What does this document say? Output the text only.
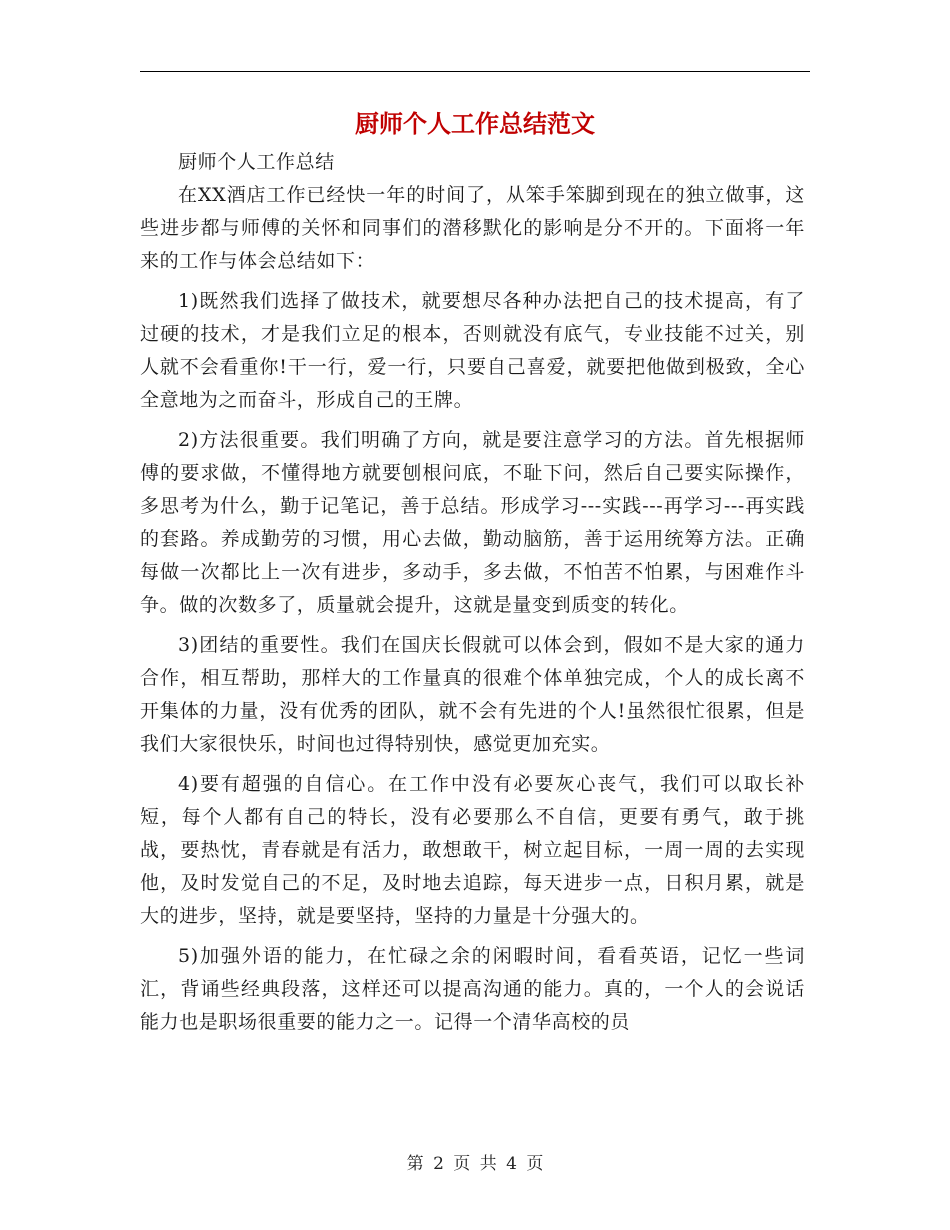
厨师个人工作总结范文

厨师个人工作总结

在XX酒店工作已经快一年的时间了，从笨手笨脚到现在的独立做事，这些进步都与师傅的关怀和同事们的潜移默化的影响是分不开的。下面将一年来的工作与体会总结如下：

1)既然我们选择了做技术，就要想尽各种办法把自己的技术提高，有了过硬的技术，才是我们立足的根本，否则就没有底气，专业技能不过关，别人就不会看重你!干一行，爱一行，只要自己喜爱，就要把他做到极致，全心全意地为之而奋斗，形成自己的王牌。

2)方法很重要。我们明确了方向，就是要注意学习的方法。首先根据师傅的要求做，不懂得地方就要刨根问底，不耻下问，然后自己要实际操作，多思考为什么，勤于记笔记，善于总结。形成学习---实践---再学习---再实践的套路。养成勤劳的习惯，用心去做，勤动脑筋，善于运用统筹方法。正确每做一次都比上一次有进步，多动手，多去做，不怕苦不怕累，与困难作斗争。做的次数多了，质量就会提升，这就是量变到质变的转化。

3)团结的重要性。我们在国庆长假就可以体会到，假如不是大家的通力合作，相互帮助，那样大的工作量真的很难个体单独完成，个人的成长离不开集体的力量，没有优秀的团队，就不会有先进的个人!虽然很忙很累，但是我们大家很快乐，时间也过得特别快，感觉更加充实。

4)要有超强的自信心。在工作中没有必要灰心丧气，我们可以取长补短，每个人都有自己的特长，没有必要那么不自信，更要有勇气，敢于挑战，要热忱，青春就是有活力，敢想敢干，树立起目标，一周一周的去实现他，及时发觉自己的不足，及时地去追踪，每天进步一点，日积月累，就是大的进步，坚持，就是要坚持，坚持的力量是十分强大的。

5)加强外语的能力，在忙碌之余的闲暇时间，看看英语，记忆一些词汇，背诵些经典段落，这样还可以提高沟通的能力。真的，一个人的会说话能力也是职场很重要的能力之一。记得一个清华高校的员

第 2 页 共 4 页
